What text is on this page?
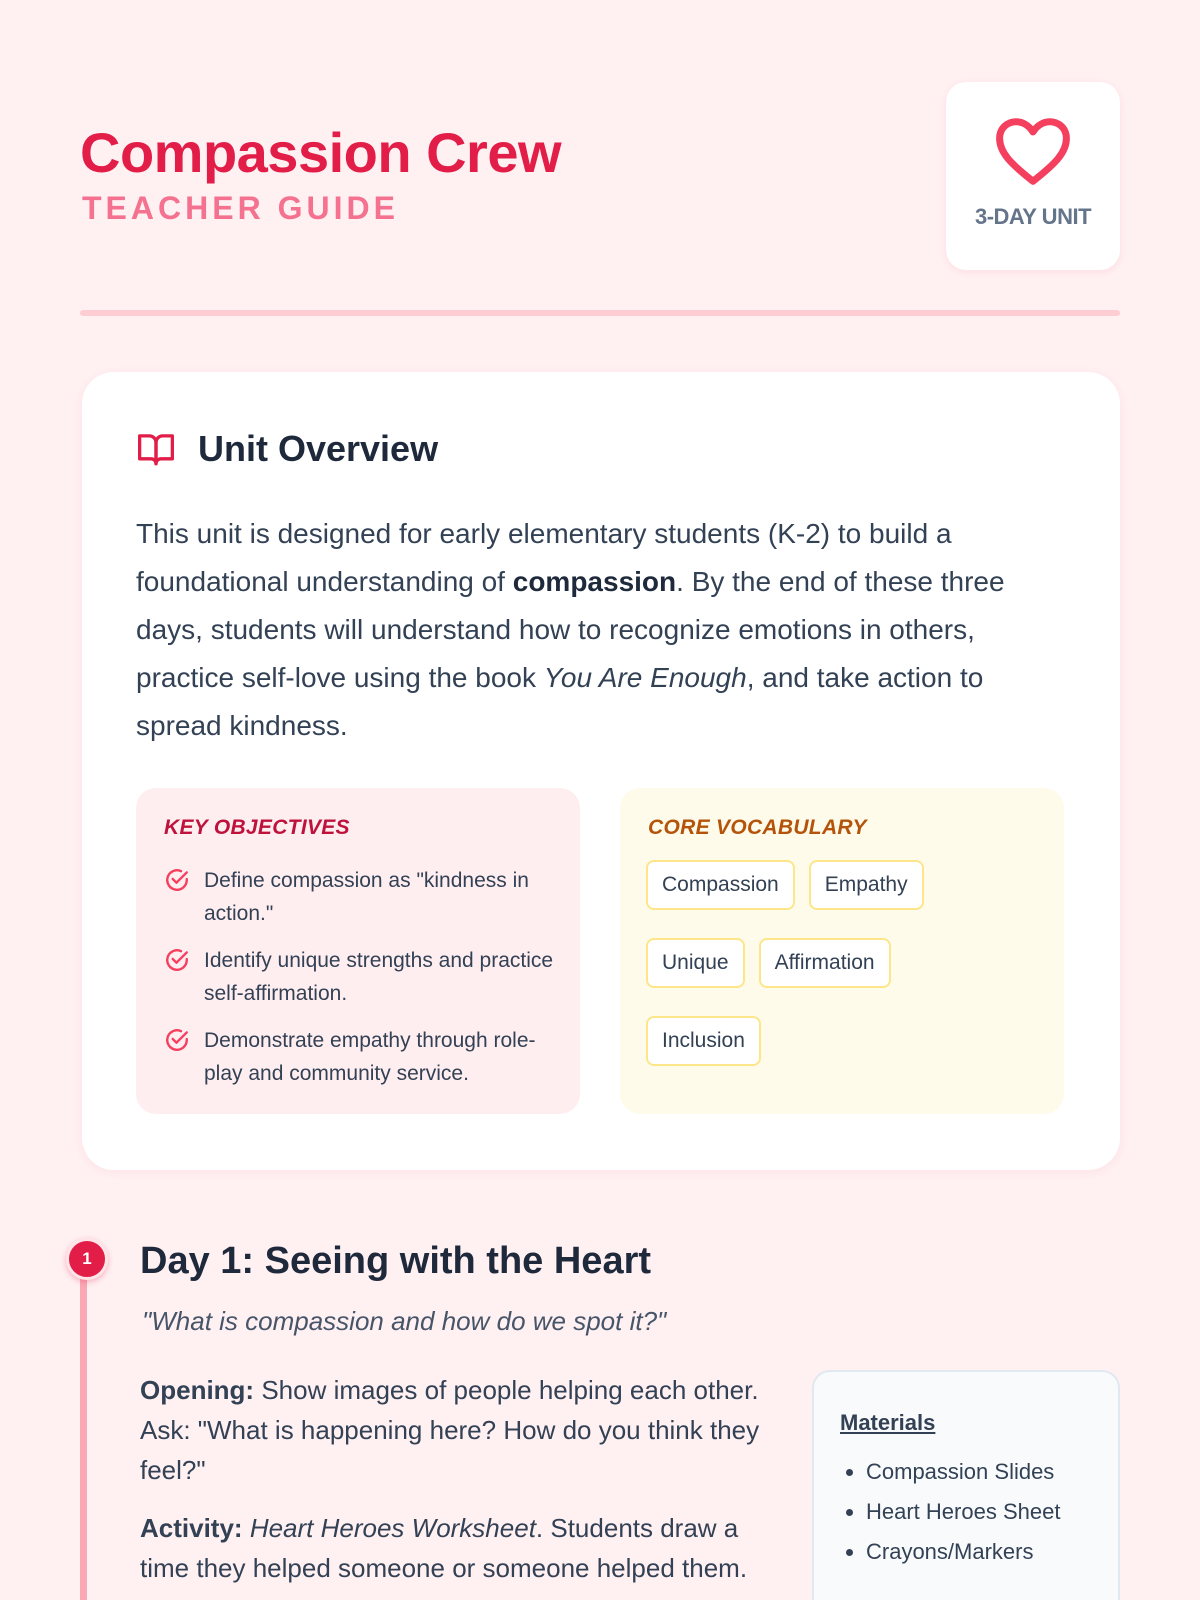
Compassion Crew
TEACHER GUIDE	3-DAY UNIT
Unit Overview

This unit is designed for early elementary students (K-2) to build a foundational understanding of compassion. By the end of these three days, students will understand how to recognize emotions in others, practice self-love using the book You Are Enough, and take action to spread kindness.

KEY OBJECTIVES
Define compassion as "kindness in action."
Identify unique strengths and practice self-affirmation.
Demonstrate empathy through role-play and community service.
CORE VOCABULARY
Compassion	Empathy
Unique	Affirmation
Inclusion
1	Day 1: Seeing with the Heart
"What is compassion and how do we spot it?"

Opening: Show images of people helping each other. Ask: "What is happening here? How do you think they feel?"

Activity: Heart Heroes Worksheet. Students draw a time they helped someone or someone helped them.

Materials
• Compassion Slides
• Heart Heroes Sheet
• Crayons/Markers
